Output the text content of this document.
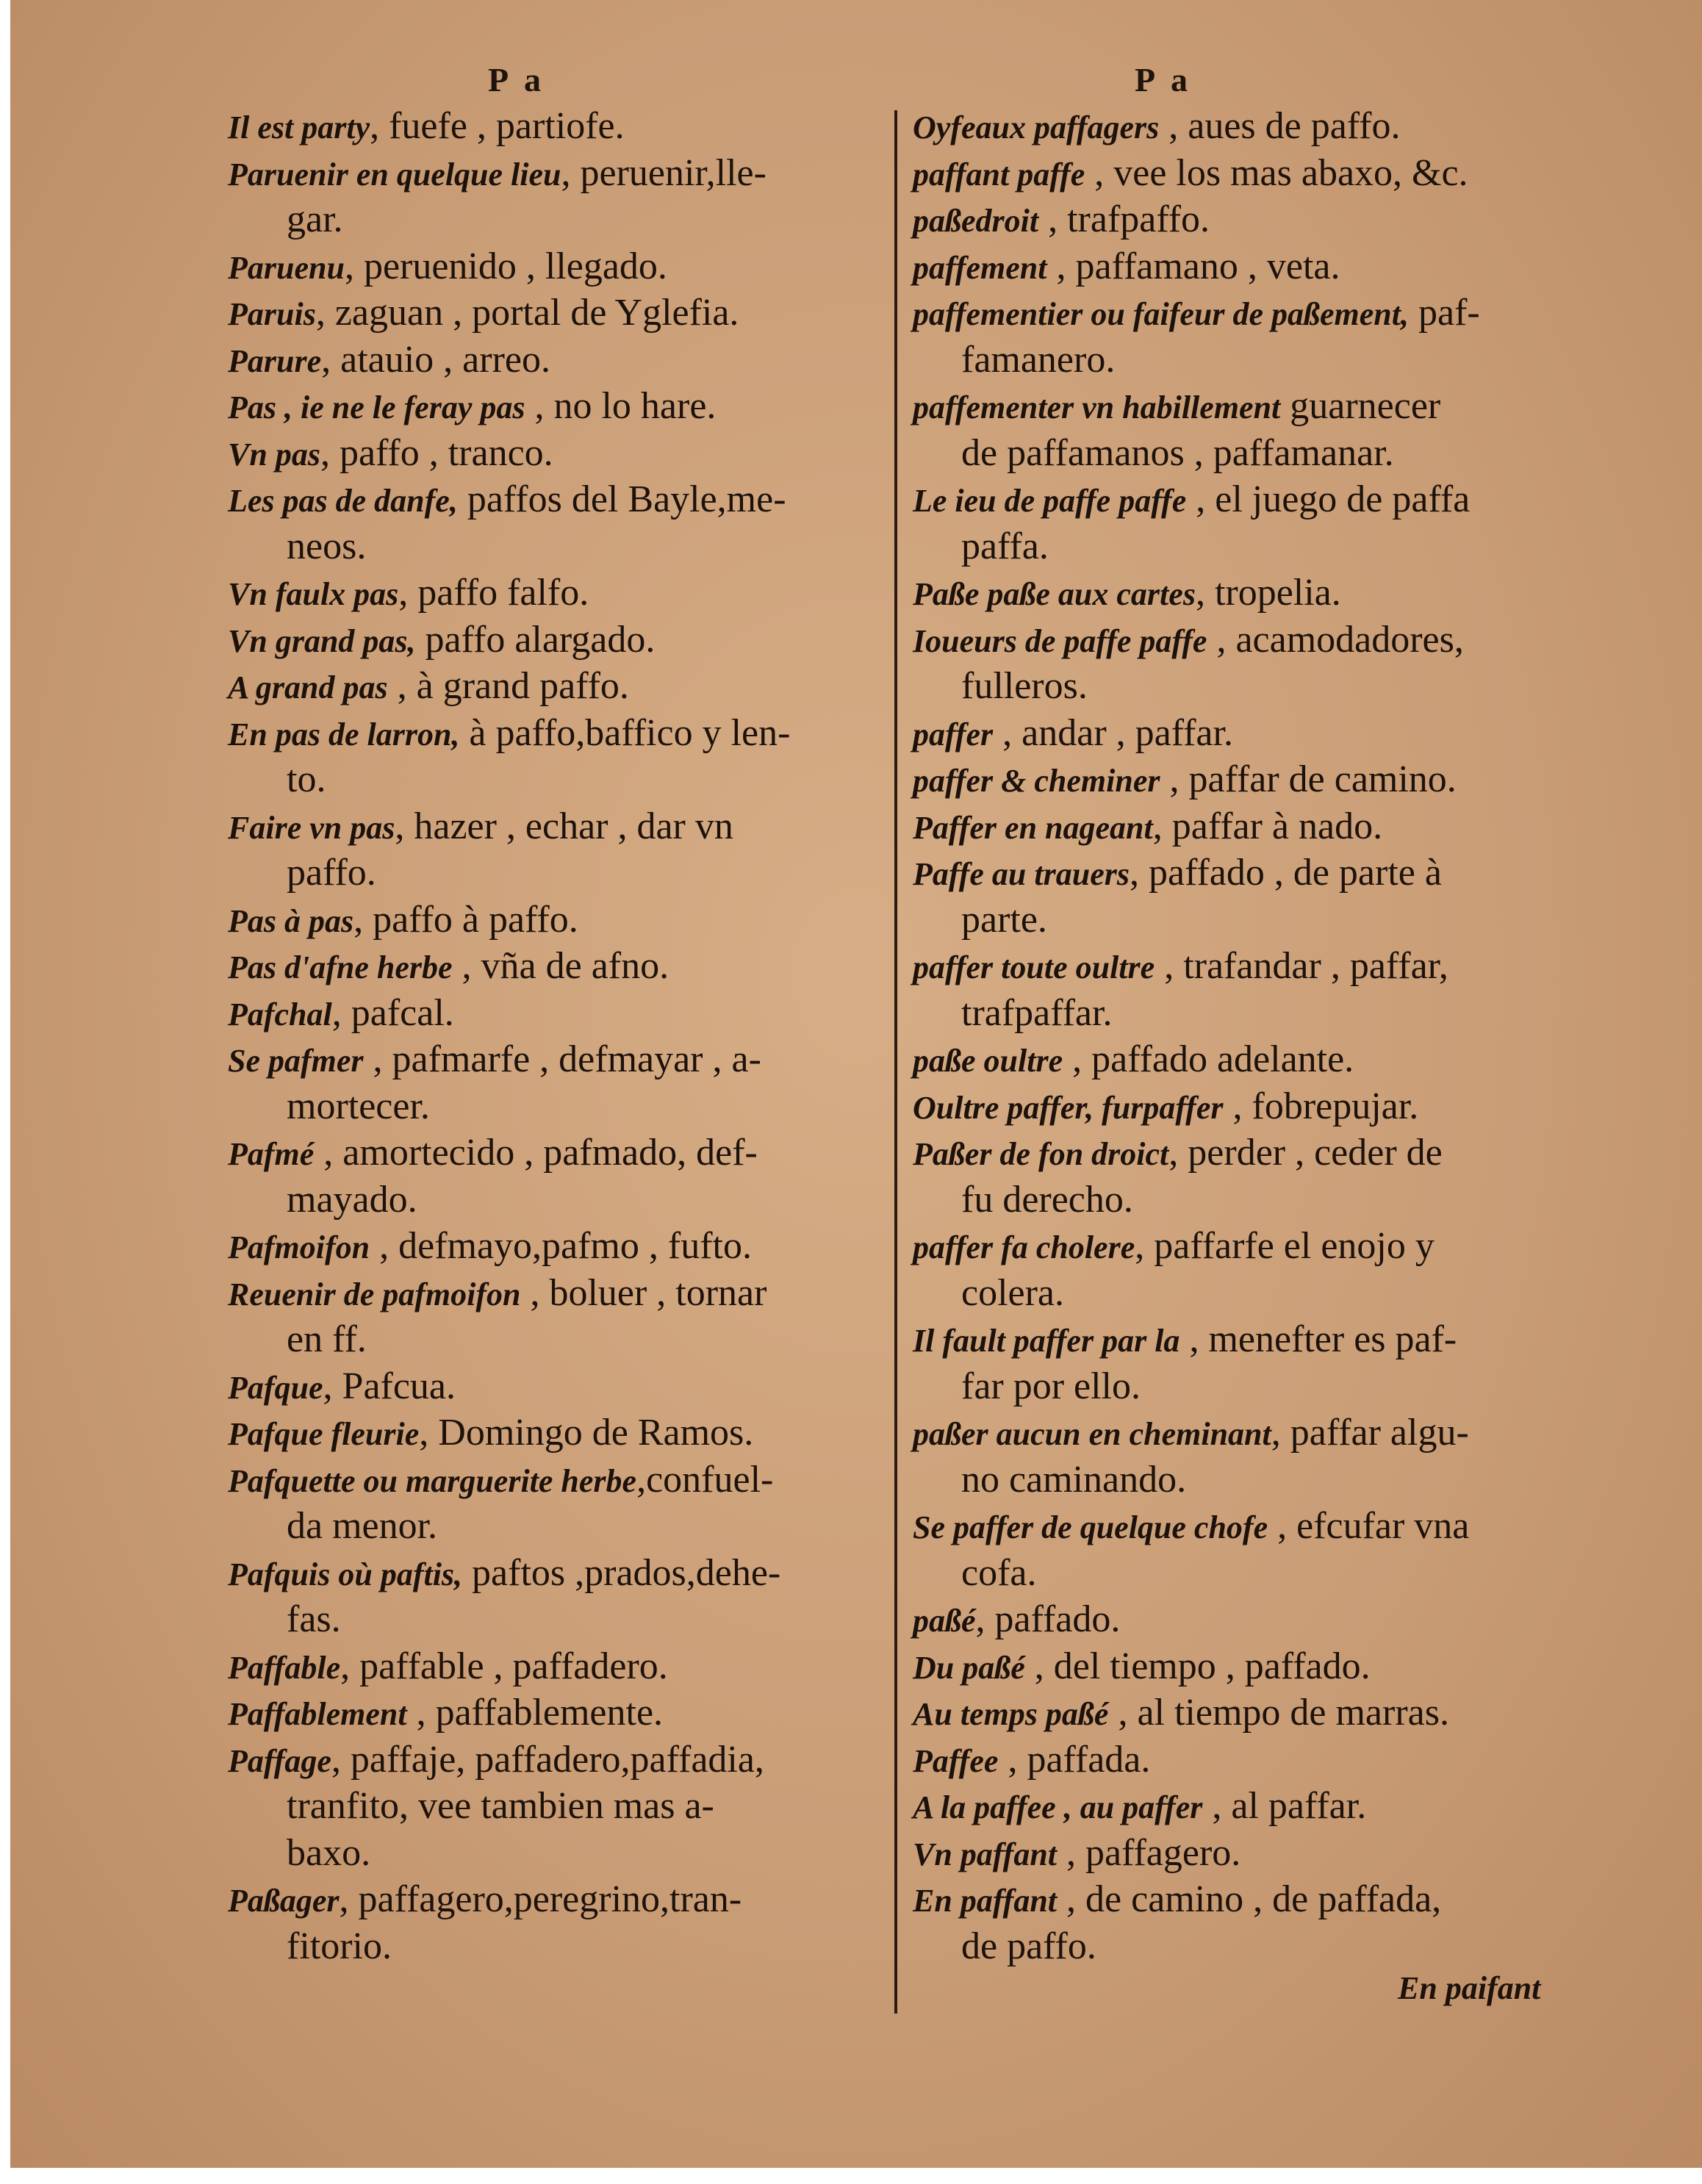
P a	P a
Il est party, fuefe , partiofe.
Paruenir en quelque lieu, peruenir,lle-
gar.
Paruenu, peruenido , llegado.
Paruis, zaguan , portal de Yglefia.
Parure, atauio , arreo.
Pas , ie ne le feray pas , no lo hare.
Vn pas, paffo , tranco.
Les pas de danfe, paffos del Bayle,me-
neos.
Vn faulx pas, paffo falfo.
Vn grand pas, paffo alargado.
A grand pas , à grand paffo.
En pas de larron, à paffo,baffico y len-
to.
Faire vn pas, hazer , echar , dar vn
paffo.
Pas à pas, paffo à paffo.
Pas d'afne herbe , vña de afno.
Pafchal, pafcal.
Se pafmer , pafmarfe , defmayar , a-
mortecer.
Pafmé , amortecido , pafmado, def-
mayado.
Pafmoifon , defmayo,pafmo , fufto.
Reuenir de pafmoifon , boluer , tornar
en ff.
Pafque, Pafcua.
Pafque fleurie, Domingo de Ramos.
Pafquette ou marguerite herbe,confuel-
da menor.
Pafquis où paftis, paftos ,prados,dehe-
fas.
Paffable, paffable , paffadero.
Paffablement , paffablemente.
Paffage, paffaje, paffadero,paffadia,
tranfito, vee tambien mas a-
baxo.
Paßager, paffagero,peregrino,tran-
fitorio.
Oyfeaux paffagers , aues de paffo.
paffant paffe , vee los mas abaxo, &c.
paßedroit , trafpaffo.
paffement , paffamano , veta.
paffementier ou faifeur de paßement, paf-
famanero.
paffementer vn habillement guarnecer
de paffamanos , paffamanar.
Le ieu de paffe paffe , el juego de paffa
paffa.
Paße paße aux cartes, tropelia.
Ioueurs de paffe paffe , acamodadores,
fulleros.
paffer , andar , paffar.
paffer & cheminer , paffar de camino.
Paffer en nageant, paffar à nado.
Paffe au trauers, paffado , de parte à
parte.
paffer toute oultre , trafandar , paffar,
trafpaffar.
paße oultre , paffado adelante.
Oultre paffer, furpaffer , fobrepujar.
Paßer de fon droict, perder , ceder de
fu derecho.
paffer fa cholere, paffarfe el enojo y
colera.
Il fault paffer par la , menefter es paf-
far por ello.
paßer aucun en cheminant, paffar algu-
no caminando.
Se paffer de quelque chofe , efcufar vna
cofa.
paßé, paffado.
Du paßé , del tiempo , paffado.
Au temps paßé , al tiempo de marras.
Paffee , paffada.
A la paffee , au paffer , al paffar.
Vn paffant , paffagero.
En paffant , de camino , de paffada,
de paffo.
En paifant
